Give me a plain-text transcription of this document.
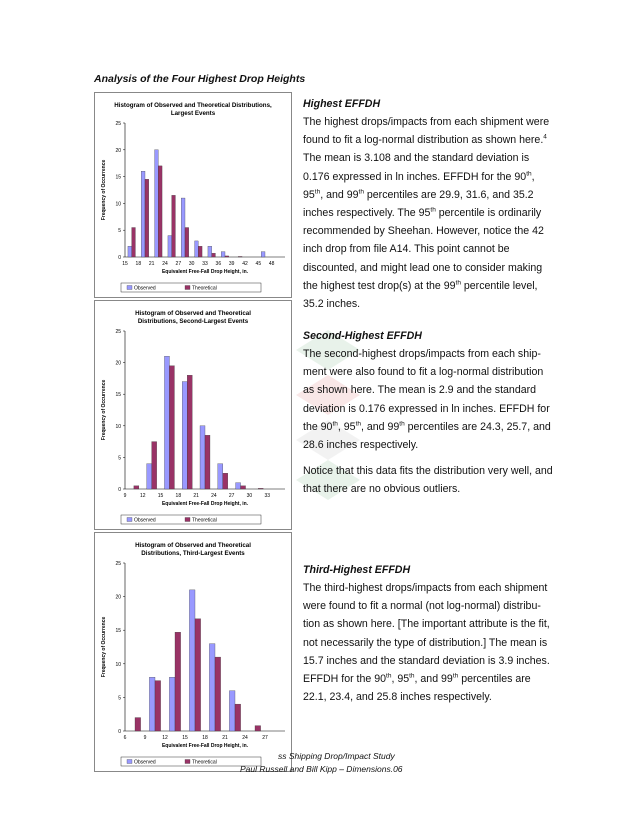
Analysis of the Four Highest Drop Heights
Histogram of Observed and Theoretical Distributions,
Largest Events
0
5
10
15
20
25
Frequency of Occurrence
15 18 21 24 27 30 33 36 39 42 45 48
Equivalent Free-Fall Drop Height, in.
Observed	Theoretical
Histogram of Observed and Theoretical
Distributions, Second-Largest Events
0
5
10
15
20
25
Frequency of Occurrence
9	12 15 18 21 24 27 30 33
Equivalent Free-Fall Drop Height, in.
Observed	Theoretical
Histogram of Observed and Theoretical
Distributions, Third-Largest Events
0
5
10
15
20
25
Frequency of Occurrence
6	9	12	15	18	21	24	27
Equivalent Free-Fall Drop Height, in.
Observed	Theoretical
Highest EFFDH

The highest drops/impacts from each shipment were found to fit a log-normal distribution as shown here.$^4$ The mean is 3.108 and the standard deviation is 0.176 expressed in ln inches. EFFDH for the 90th, 95th, and 99th percentiles are 29.9, 31.6, and 35.2 inches respectively. The 95th percentile is ordinarily recommended by Sheehan. However, notice the 42 inch drop from file A14. This point cannot be discounted, and might lead one to consider making the highest test drop(s) at the 99th percentile level, 35.2 inches.

Second-Highest EFFDH

The second-highest drops/impacts from each ship-ment were also found to fit a log-normal distribution as shown here. The mean is 2.9 and the standard deviation is 0.176 expressed in ln inches. EFFDH for the 90th, 95th, and 99th percentiles are 24.3, 25.7, and 28.6 inches respectively.

Notice that this data fits the distribution very well, and that there are no obvious outliers.

Third-Highest EFFDH

The third-highest drops/impacts from each shipment were found to fit a normal (not log-normal) distribu-tion as shown here. [The important attribute is the fit, not necessarily the type of distribution.] The mean is 15.7 inches and the standard deviation is 3.9 inches. EFFDH for the 90th, 95th, and 99th percentiles are 22.1, 23.4, and 25.8 inches respectively.

ss Shipping Drop/Impact Study
Paul Russell and Bill Kipp – Dimensions.06
